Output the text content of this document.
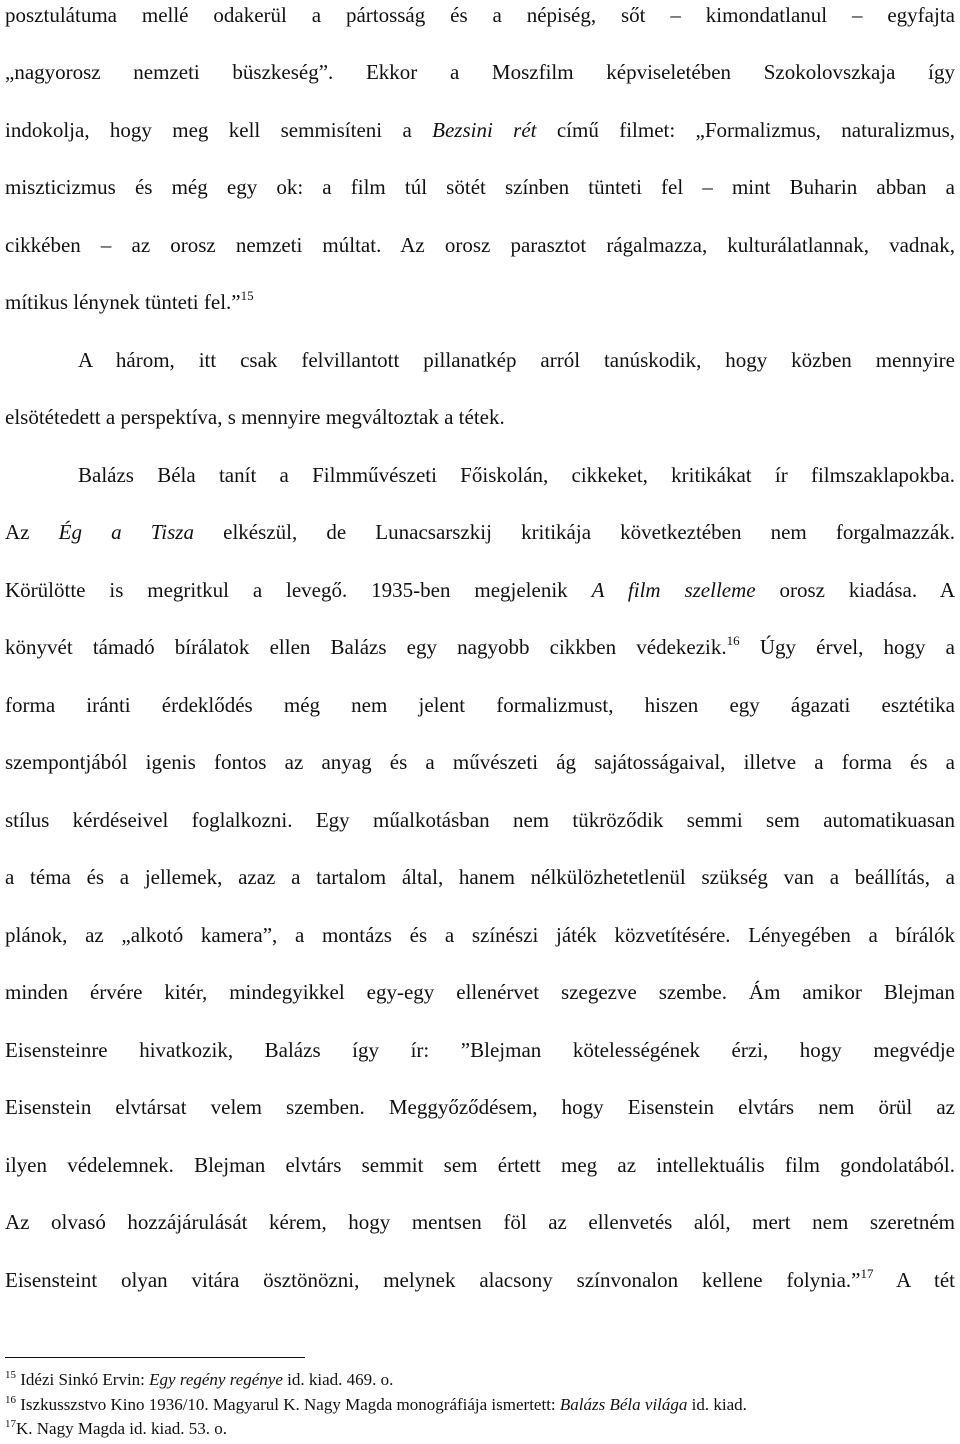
posztulátuma mellé odakerül a pártosság és a népiség, sőt – kimondatlanul – egyfajta
„nagyorosz nemzeti büszkeség”. Ekkor a Moszfilm képviseletében Szokolovszkaja így
indokolja, hogy meg kell semmisíteni a Bezsini rét című filmet: „Formalizmus, naturalizmus,
miszticizmus és még egy ok: a film túl sötét színben tünteti fel – mint Buharin abban a
cikkében – az orosz nemzeti múltat. Az orosz parasztot rágalmazza, kulturálatlannak, vadnak,
mítikus lénynek tünteti fel.”$^{15}$
A három, itt csak felvillantott pillanatkép arról tanúskodik, hogy közben mennyire
elsötétedett a perspektíva, s mennyire megváltoztak a tétek.
Balázs Béla tanít a Filmművészeti Főiskolán, cikkeket, kritikákat ír filmszaklapokba.
Az Ég a Tisza elkészül, de Lunacsarszkij kritikája következtében nem forgalmazzák.
Körülötte is megritkul a levegő. 1935-ben megjelenik A film szelleme orosz kiadása. A
könyvét támadó bírálatok ellen Balázs egy nagyobb cikkben védekezik.$^{16}$ Úgy érvel, hogy a
forma iránti érdeklődés még nem jelent formalizmust, hiszen egy ágazati esztétika
szempontjából igenis fontos az anyag és a művészeti ág sajátosságaival, illetve a forma és a
stílus kérdéseivel foglalkozni. Egy műalkotásban nem tükröződik semmi sem automatikuasan
a téma és a jellemek, azaz a tartalom által, hanem nélkülözhetetlenül szükség van a beállítás, a
plánok, az „alkotó kamera”, a montázs és a színészi játék közvetítésére. Lényegében a bírálók
minden érvére kitér, mindegyikkel egy-egy ellenérvet szegezve szembe. Ám amikor Blejman
Eisensteinre hivatkozik, Balázs így ír: ”Blejman kötelességének érzi, hogy megvédje
Eisenstein elvtársat velem szemben. Meggyőződésem, hogy Eisenstein elvtárs nem örül az
ilyen védelemnek. Blejman elvtárs semmit sem értett meg az intellektuális film gondolatából.
Az olvasó hozzájárulását kérem, hogy mentsen föl az ellenvetés alól, mert nem szeretném
Eisensteint olyan vitára ösztönözni, melynek alacsony színvonalon kellene folynia.”$^{17}$ A tét
$^{15}$ Idézi Sinkó Ervin: Egy regény regénye id. kiad. 469. o.
$^{16}$ Iszkusszstvo Kino 1936/10. Magyarul K. Nagy Magda monográfiája ismertett: Balázs Béla világa id. kiad.
$^{17}$K. Nagy Magda id. kiad. 53. o.
